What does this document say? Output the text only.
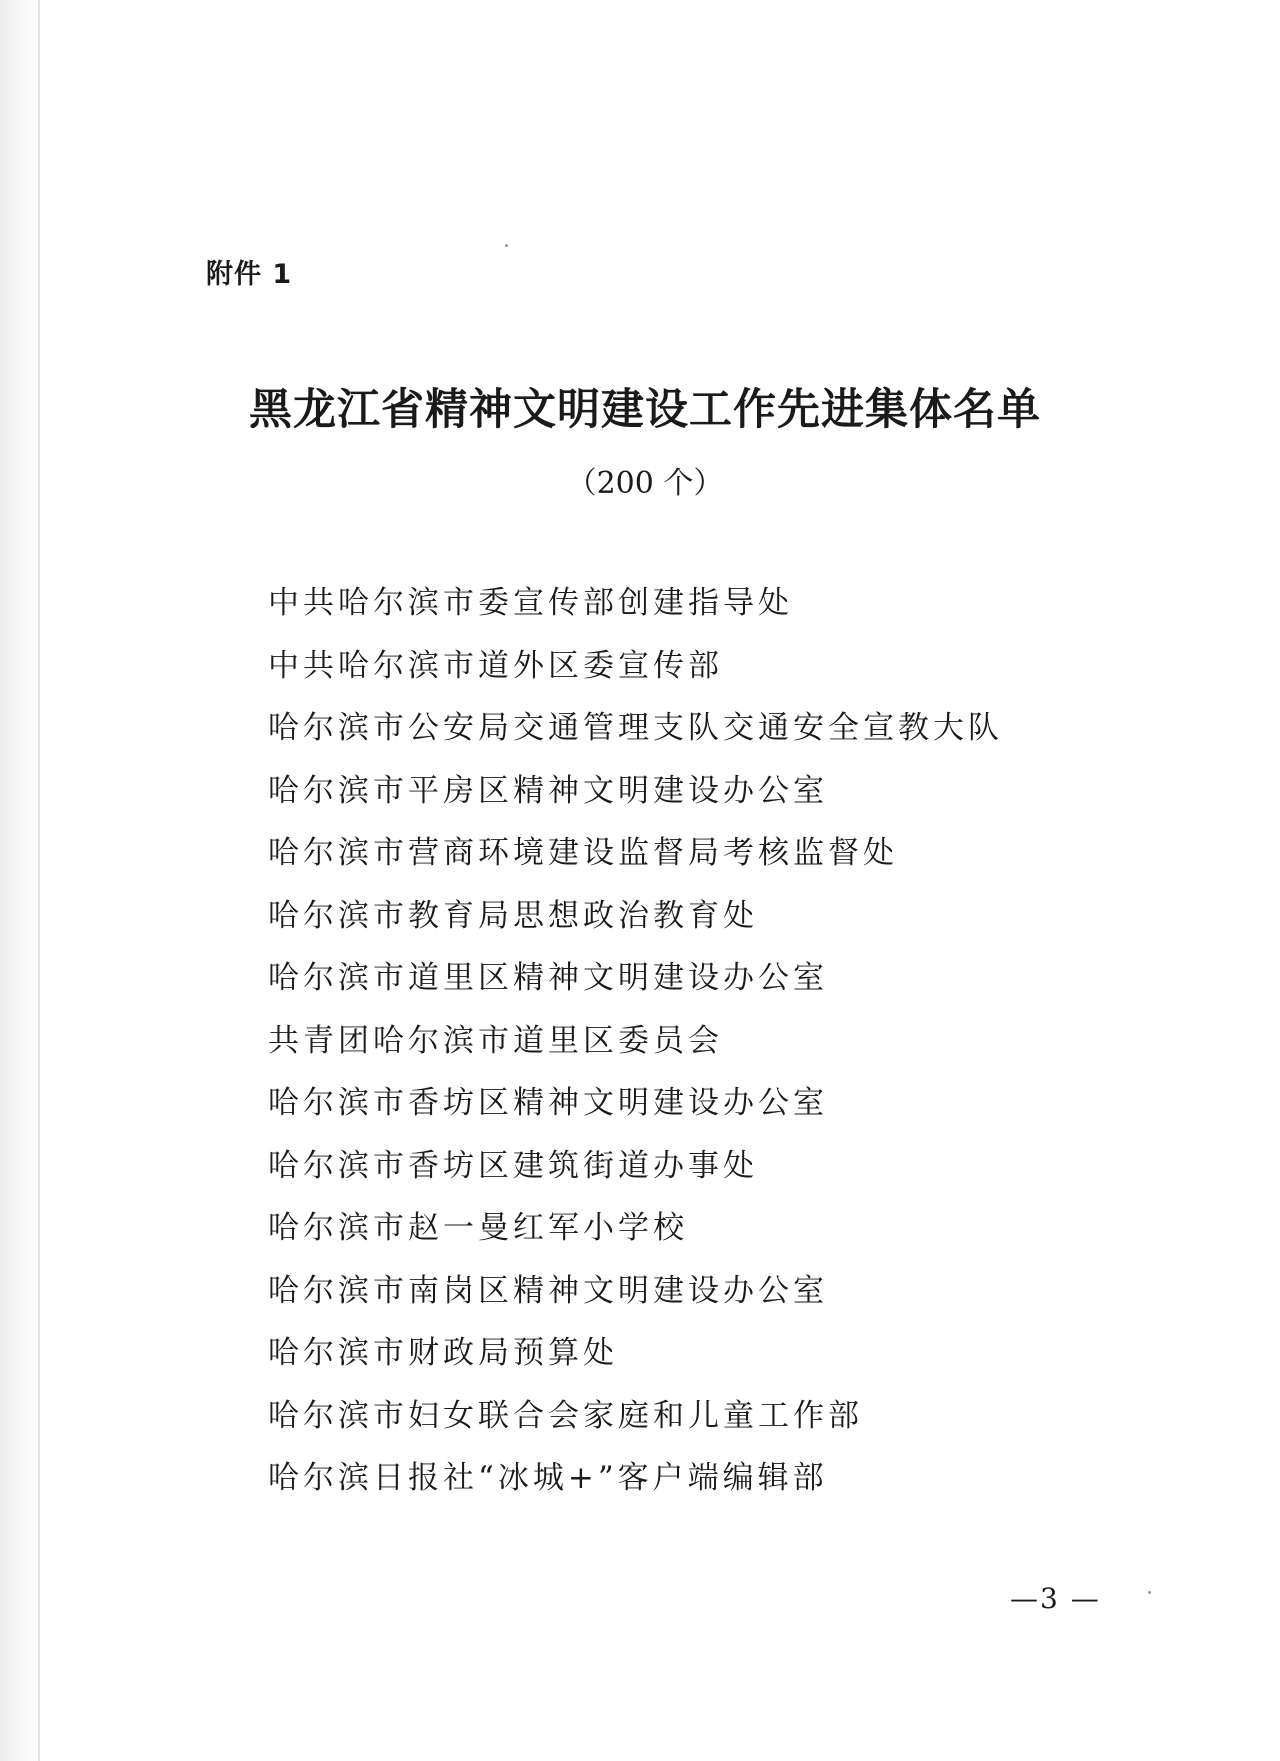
附件 1
黑龙江省精神文明建设工作先进集体名单
（200 个）
中共哈尔滨市委宣传部创建指导处
中共哈尔滨市道外区委宣传部
哈尔滨市公安局交通管理支队交通安全宣教大队
哈尔滨市平房区精神文明建设办公室
哈尔滨市营商环境建设监督局考核监督处
哈尔滨市教育局思想政治教育处
哈尔滨市道里区精神文明建设办公室
共青团哈尔滨市道里区委员会
哈尔滨市香坊区精神文明建设办公室
哈尔滨市香坊区建筑街道办事处
哈尔滨市赵一曼红军小学校
哈尔滨市南岗区精神文明建设办公室
哈尔滨市财政局预算处
哈尔滨市妇女联合会家庭和儿童工作部
哈尔滨日报社“冰城+”客户端编辑部
—3 —
